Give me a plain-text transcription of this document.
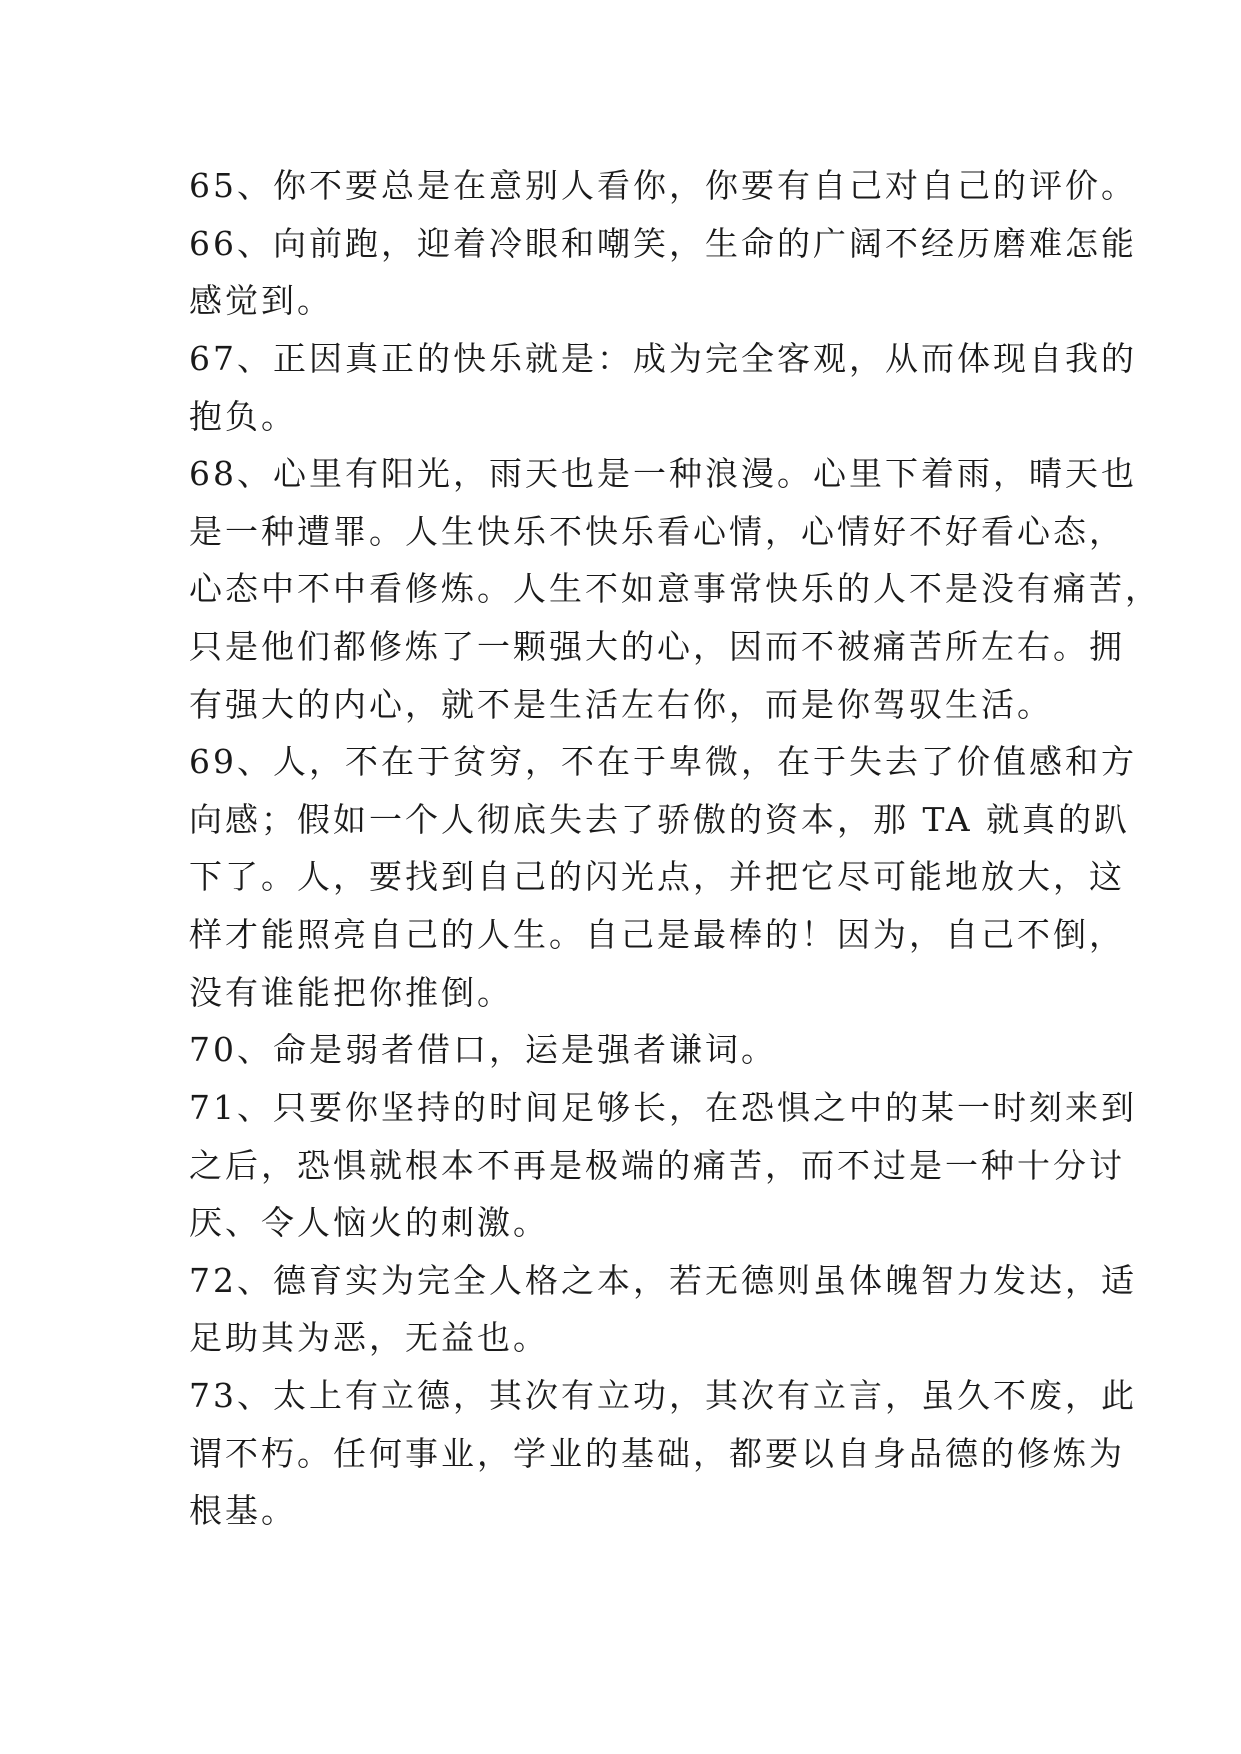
65、你不要总是在意别人看你，你要有自己对自己的评价。
66、向前跑，迎着冷眼和嘲笑，生命的广阔不经历磨难怎能
感觉到。
67、正因真正的快乐就是：成为完全客观，从而体现自我的
抱负。
68、心里有阳光，雨天也是一种浪漫。心里下着雨，晴天也
是一种遭罪。人生快乐不快乐看心情，心情好不好看心态，
心态中不中看修炼。人生不如意事常快乐的人不是没有痛苦，
只是他们都修炼了一颗强大的心，因而不被痛苦所左右。拥
有强大的内心，就不是生活左右你，而是你驾驭生活。
69、人，不在于贫穷，不在于卑微，在于失去了价值感和方
向感；假如一个人彻底失去了骄傲的资本，那 TA 就真的趴
下了。人，要找到自己的闪光点，并把它尽可能地放大，这
样才能照亮自己的人生。自己是最棒的！因为，自己不倒，
没有谁能把你推倒。
70、命是弱者借口，运是强者谦词。
71、只要你坚持的时间足够长，在恐惧之中的某一时刻来到
之后，恐惧就根本不再是极端的痛苦，而不过是一种十分讨
厌、令人恼火的刺激。
72、德育实为完全人格之本，若无德则虽体魄智力发达，适
足助其为恶，无益也。
73、太上有立德，其次有立功，其次有立言，虽久不废，此
谓不朽。任何事业，学业的基础，都要以自身品德的修炼为
根基。
